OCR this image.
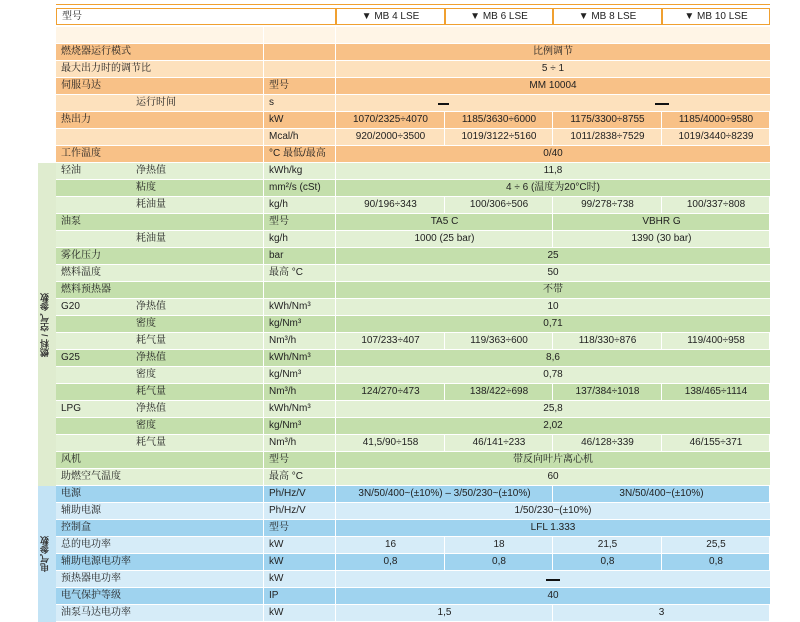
型号	▼ MB 4 LSE	▼ MB 6 LSE	▼ MB 8 LSE	▼ MB 10 LSE
燃烧器运行模式	比例调节
最大出力时的调节比	5 ÷ 1
伺服马达	型号	MM 10004
运行时间	s
热出力	kW	1070/2325÷4070	1185/3630÷6000	1175/3300÷8755	1185/4000÷9580
Mcal/h	920/2000÷3500	1019/3122÷5160	1011/2838÷7529	1019/3440÷8239
工作温度	°C 最低/最高	0/40
轻油	净热值	kWh/kg	11,8
粘度	mm²/s (cSt)	4 ÷ 6 (温度为20°C时)
耗油量	kg/h	90/196÷343	100/306÷506	99/278÷738	100/337÷808
油泵	型号	TA5 C	VBHR G
耗油量	kg/h	1000 (25 bar)	1390 (30 bar)
雾化压力	bar	25
燃料温度	最高 °C	50
燃料预热器	不带
G20	净热值	kWh/Nm³	10
密度	kg/Nm³	0,71
耗气量	Nm³/h	107/233÷407	119/363÷600	118/330÷876	119/400÷958
G25	净热值	kWh/Nm³	8,6
密度	kg/Nm³	0,78
耗气量	Nm³/h	124/270÷473	138/422÷698	137/384÷1018	138/465÷1114
LPG	净热值	kWh/Nm³	25,8
密度	kg/Nm³	2,02
耗气量	Nm³/h	41,5/90÷158	46/141÷233	46/128÷339	46/155÷371
风机	型号	带反向叶片离心机
助燃空气温度	最高 °C	60
电源	Ph/Hz/V	3N/50/400~(±10%) – 3/50/230~(±10%)	3N/50/400~(±10%)
辅助电源	Ph/Hz/V	1/50/230~(±10%)
控制盒	型号	LFL 1.333
总的电功率	kW	16	18	21,5	25,5
辅助电源电功率	kW	0,8	0,8	0,8	0,8
预热器电功率	kW
电气保护等级	IP	40
油泵马达电功率	kW	1,5	3
燃料 / 空气 参数
电气参数
